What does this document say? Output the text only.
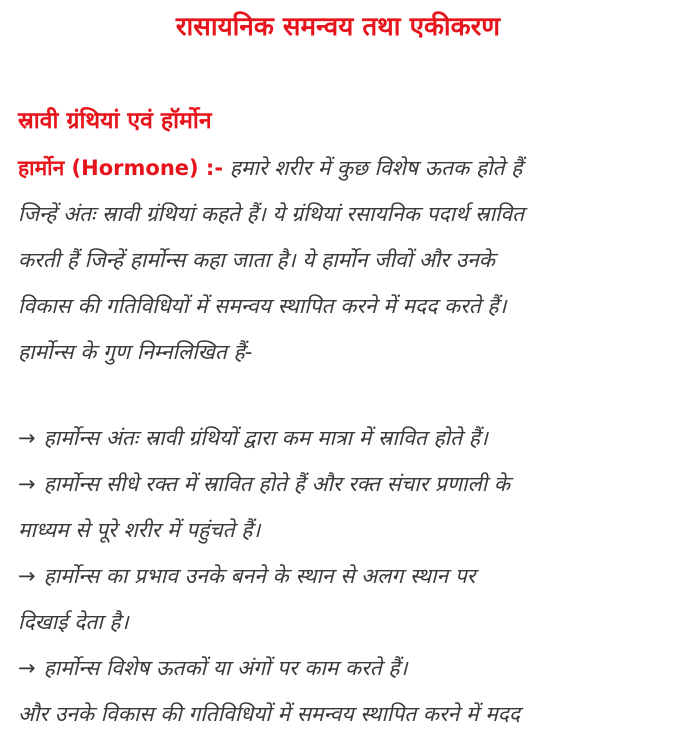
रासायनिक समन्वय तथा एकीकरण
स्रावी ग्रंथियां एवं हॉर्मोन

हार्मोन (Hormone) :- हमारे शरीर में कुछ विशेष ऊतक होते हैं
जिन्हें अंतः स्रावी ग्रंथियां कहते हैं। ये ग्रंथियां रसायनिक पदार्थ स्रावित
करती हैं जिन्हें हार्मोन्स कहा जाता है। ये हार्मोन जीवों और उनके
विकास की गतिविधियों में समन्वय स्थापित करने में मदद करते हैं।
हार्मोन्स के गुण निम्नलिखित हैं-

→ हार्मोन्स अंतः स्रावी ग्रंथियों द्वारा कम मात्रा में स्रावित होते हैं।
→ हार्मोन्स सीधे रक्त में स्रावित होते हैं और रक्त संचार प्रणाली के
माध्यम से पूरे शरीर में पहुंचते हैं।
→ हार्मोन्स का प्रभाव उनके बनने के स्थान से अलग स्थान पर
दिखाई देता है।
→ हार्मोन्स विशेष ऊतकों या अंगों पर काम करते हैं।
और उनके विकास की गतिविधियों में समन्वय स्थापित करने में मदद
